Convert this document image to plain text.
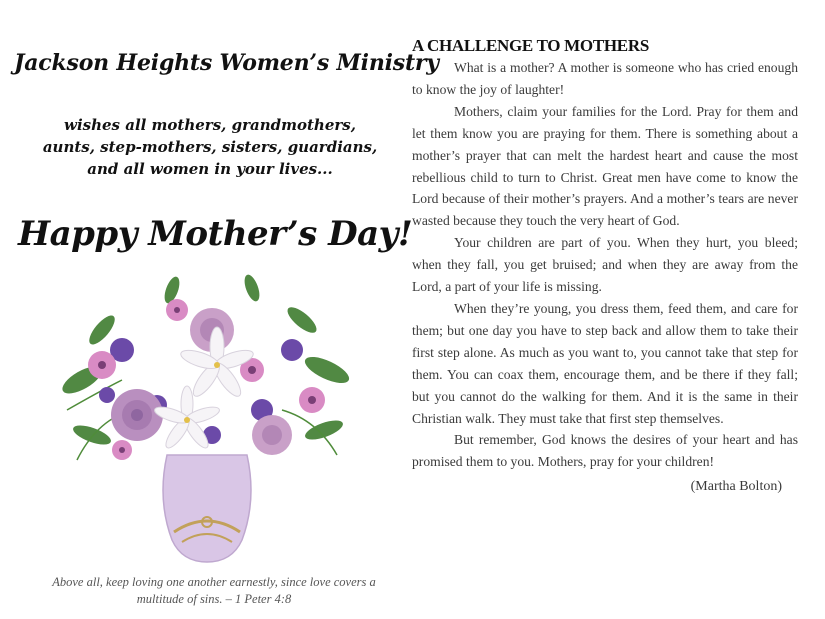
Jackson Heights Women’s Ministry
wishes all mothers, grandmothers,
aunts, step-mothers, sisters, guardians,
and all women in your lives...
Happy Mother’s Day!
Above all, keep loving one another earnestly, since love covers a
multitude of sins. – 1 Peter 4:8
A CHALLENGE TO MOTHERS

What is a mother? A mother is someone who has cried enough to know the joy of laughter!

Mothers, claim your families for the Lord. Pray for them and let them know you are praying for them. There is something about a mother’s prayer that can melt the hardest heart and cause the most rebellious child to turn to Christ. Great men have come to know the Lord because of their mother’s prayers. And a mother’s tears are never wasted because they touch the very heart of God.

Your children are part of you. When they hurt, you bleed; when they fall, you get bruised; and when they are away from the Lord, a part of your life is missing.

When they’re young, you dress them, feed them, and care for them; but one day you have to step back and allow them to take their first step alone. As much as you want to, you cannot take that step for them. You can coax them, encourage them, and be there if they fall; but you cannot do the walking for them. And it is the same in their Christian walk. They must take that first step themselves.

But remember, God knows the desires of your heart and has promised them to you. Mothers, pray for your children!

(Martha Bolton)
